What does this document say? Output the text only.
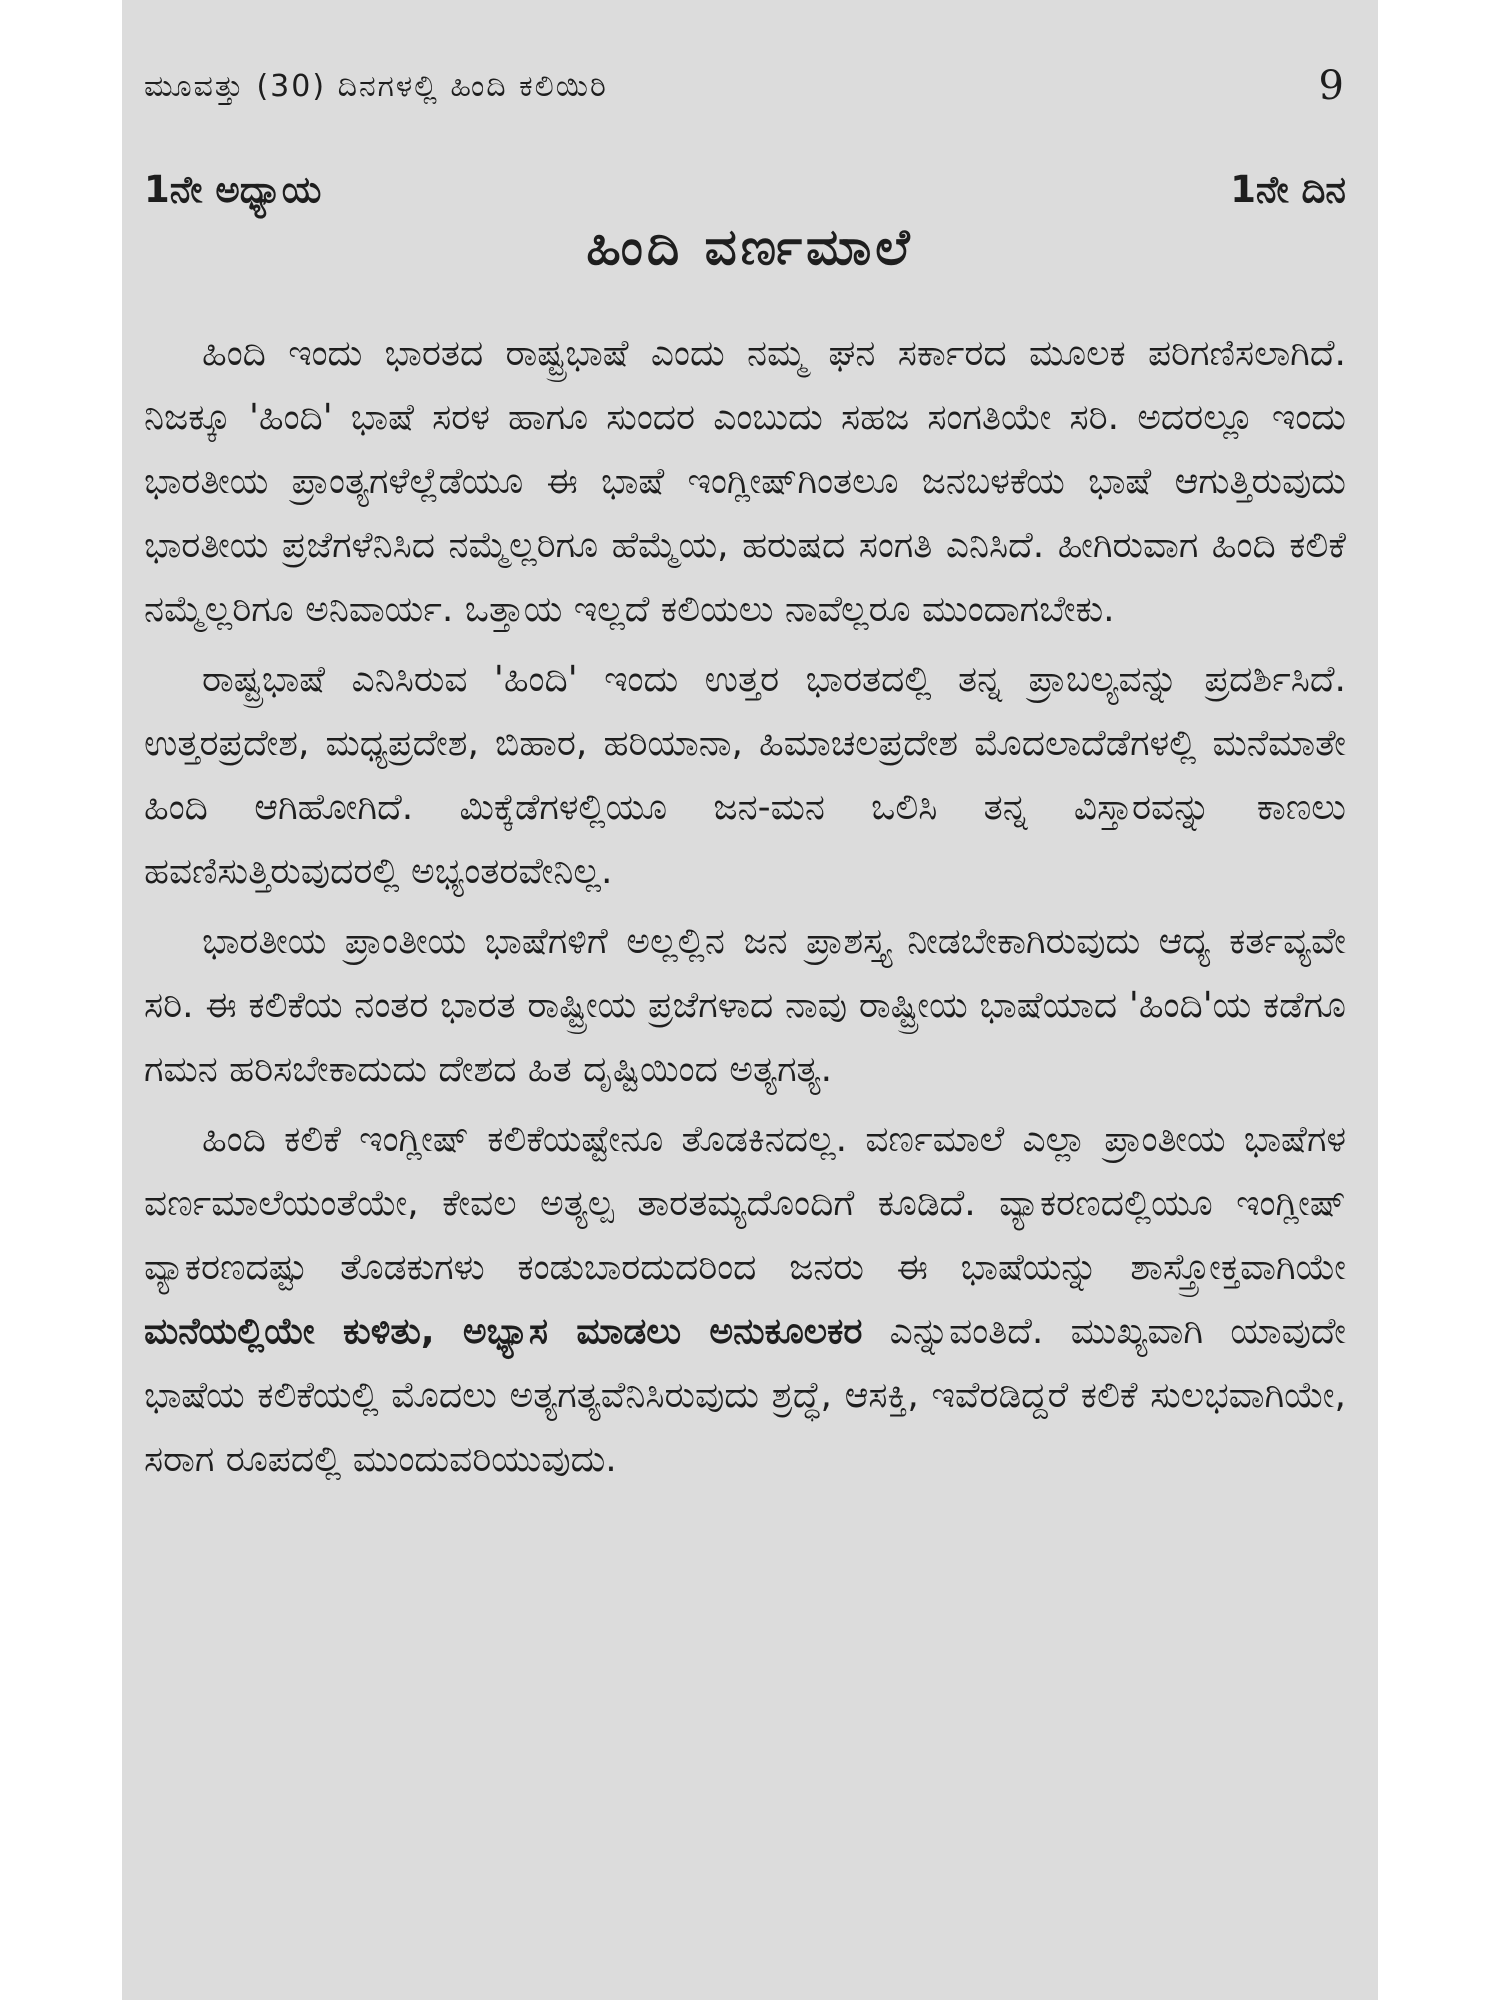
ಮೂವತ್ತು (30) ದಿನಗಳಲ್ಲಿ ಹಿಂದಿ ಕಲಿಯಿರಿ	9
1ನೇ ಅಧ್ಯಾಯ	1ನೇ ದಿನ
ಹಿಂದಿ ವರ್ಣಮಾಲೆ

ಹಿಂದಿ ಇಂದು ಭಾರತದ ರಾಷ್ಟ್ರಭಾಷೆ ಎಂದು ನಮ್ಮ ಘನ ಸರ್ಕಾರದ ಮೂಲಕ ಪರಿಗಣಿಸಲಾಗಿದೆ. ನಿಜಕ್ಕೂ 'ಹಿಂದಿ' ಭಾಷೆ ಸರಳ ಹಾಗೂ ಸುಂದರ ಎಂಬುದು ಸಹಜ ಸಂಗತಿಯೇ ಸರಿ. ಅದರಲ್ಲೂ ಇಂದು ಭಾರತೀಯ ಪ್ರಾಂತ್ಯಗಳೆಲ್ಲೆಡೆಯೂ ಈ ಭಾಷೆ ಇಂಗ್ಲೀಷ್‌ಗಿಂತಲೂ ಜನಬಳಕೆಯ ಭಾಷೆ ಆಗುತ್ತಿರುವುದು ಭಾರತೀಯ ಪ್ರಜೆಗಳೆನಿಸಿದ ನಮ್ಮೆಲ್ಲರಿಗೂ ಹೆಮ್ಮೆಯ, ಹರುಷದ ಸಂಗತಿ ಎನಿಸಿದೆ. ಹೀಗಿರುವಾಗ ಹಿಂದಿ ಕಲಿಕೆ ನಮ್ಮೆಲ್ಲರಿಗೂ ಅನಿವಾರ್ಯ. ಒತ್ತಾಯ ಇಲ್ಲದೆ ಕಲಿಯಲು ನಾವೆಲ್ಲರೂ ಮುಂದಾಗಬೇಕು.

ರಾಷ್ಟ್ರಭಾಷೆ ಎನಿಸಿರುವ 'ಹಿಂದಿ' ಇಂದು ಉತ್ತರ ಭಾರತದಲ್ಲಿ ತನ್ನ ಪ್ರಾಬಲ್ಯವನ್ನು ಪ್ರದರ್ಶಿಸಿದೆ. ಉತ್ತರಪ್ರದೇಶ, ಮಧ್ಯಪ್ರದೇಶ, ಬಿಹಾರ, ಹರಿಯಾನಾ, ಹಿಮಾಚಲಪ್ರದೇಶ ಮೊದಲಾದೆಡೆಗಳಲ್ಲಿ ಮನೆಮಾತೇ ಹಿಂದಿ ಆಗಿಹೋಗಿದೆ. ಮಿಕ್ಕೆಡೆಗಳಲ್ಲಿಯೂ ಜನ-ಮನ ಒಲಿಸಿ ತನ್ನ ವಿಸ್ತಾರವನ್ನು ಕಾಣಲು ಹವಣಿಸುತ್ತಿರುವುದರಲ್ಲಿ ಅಭ್ಯಂತರವೇನಿಲ್ಲ.

ಭಾರತೀಯ ಪ್ರಾಂತೀಯ ಭಾಷೆಗಳಿಗೆ ಅಲ್ಲಲ್ಲಿನ ಜನ ಪ್ರಾಶಸ್ತ್ಯ ನೀಡಬೇಕಾಗಿರುವುದು ಆದ್ಯ ಕರ್ತವ್ಯವೇ ಸರಿ. ಈ ಕಲಿಕೆಯ ನಂತರ ಭಾರತ ರಾಷ್ಟ್ರೀಯ ಪ್ರಜೆಗಳಾದ ನಾವು ರಾಷ್ಟ್ರೀಯ ಭಾಷೆಯಾದ 'ಹಿಂದಿ'ಯ ಕಡೆಗೂ ಗಮನ ಹರಿಸಬೇಕಾದುದು ದೇಶದ ಹಿತ ದೃಷ್ಟಿಯಿಂದ ಅತ್ಯಗತ್ಯ.

ಹಿಂದಿ ಕಲಿಕೆ ಇಂಗ್ಲೀಷ್ ಕಲಿಕೆಯಷ್ಟೇನೂ ತೊಡಕಿನದಲ್ಲ. ವರ್ಣಮಾಲೆ ಎಲ್ಲಾ ಪ್ರಾಂತೀಯ ಭಾಷೆಗಳ ವರ್ಣಮಾಲೆಯಂತೆಯೇ, ಕೇವಲ ಅತ್ಯಲ್ಪ ತಾರತಮ್ಯದೊಂದಿಗೆ ಕೂಡಿದೆ. ವ್ಯಾಕರಣದಲ್ಲಿಯೂ ಇಂಗ್ಲೀಷ್ ವ್ಯಾಕರಣದಷ್ಟು ತೊಡಕುಗಳು ಕಂಡುಬಾರದುದರಿಂದ ಜನರು ಈ ಭಾಷೆಯನ್ನು ಶಾಸ್ತ್ರೋಕ್ತವಾಗಿಯೇ ಮನೆಯಲ್ಲಿಯೇ ಕುಳಿತು, ಅಭ್ಯಾಸ ಮಾಡಲು ಅನುಕೂಲಕರ ಎನ್ನುವಂತಿದೆ. ಮುಖ್ಯವಾಗಿ ಯಾವುದೇ ಭಾಷೆಯ ಕಲಿಕೆಯಲ್ಲಿ ಮೊದಲು ಅತ್ಯಗತ್ಯವೆನಿಸಿರುವುದು ಶ್ರದ್ಧೆ, ಆಸಕ್ತಿ, ಇವೆರಡಿದ್ದರೆ ಕಲಿಕೆ ಸುಲಭವಾಗಿಯೇ, ಸರಾಗ ರೂಪದಲ್ಲಿ ಮುಂದುವರಿಯುವುದು.
